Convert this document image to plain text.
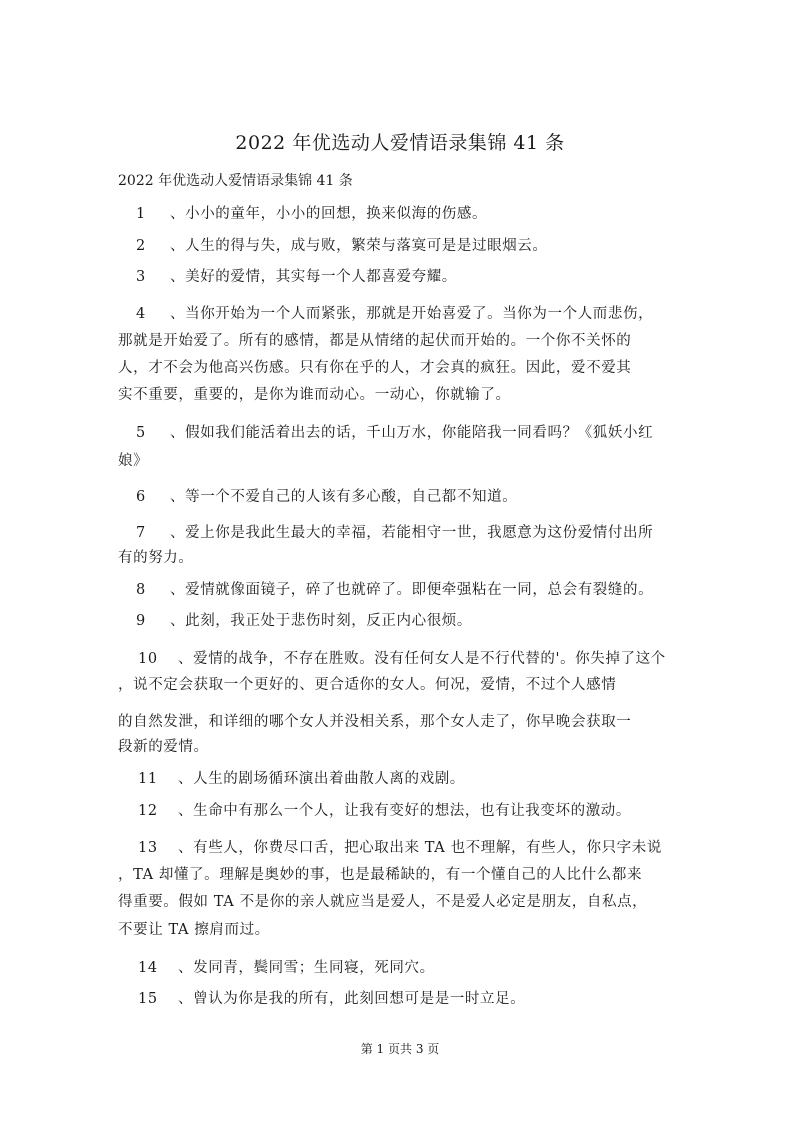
2022 年优选动人爱情语录集锦 41 条
2022 年优选动人爱情语录集锦 41 条
1 、小小的童年，小小的回想，换来似海的伤感。
2 、人生的得与失，成与败，繁荣与落寞可是是过眼烟云。
3 、美好的爱情，其实每一个人都喜爱夸耀。
4 、当你开始为一个人而紧张，那就是开始喜爱了。当你为一个人而悲伤，
那就是开始爱了。所有的感情，都是从情绪的起伏而开始的。一个你不关怀的
人，才不会为他高兴伤感。只有你在乎的人，才会真的疯狂。因此，爱不爱其
实不重要，重要的，是你为谁而动心。一动心，你就输了。
5 、假如我们能活着出去的话，千山万水，你能陪我一同看吗？《狐妖小红
娘》
6 、等一个不爱自己的人该有多心酸，自己都不知道。
7 、爱上你是我此生最大的幸福，若能相守一世，我愿意为这份爱情付出所
有的努力。
8 、爱情就像面镜子，碎了也就碎了。即便牵强粘在一同，总会有裂缝的。
9 、此刻，我正处于悲伤时刻，反正内心很烦。
10 、爱情的战争，不存在胜败。没有任何女人是不行代替的'。你失掉了这个
，说不定会获取一个更好的、更合适你的女人。何况，爱情，不过个人感情
的自然发泄，和详细的哪个女人并没相关系，那个女人走了，你早晚会获取一
段新的爱情。
11 、人生的剧场循环演出着曲散人离的戏剧。
12 、生命中有那么一个人，让我有变好的想法，也有让我变坏的激动。
13 、有些人，你费尽口舌，把心取出来 TA 也不理解，有些人，你只字未说
，TA 却懂了。理解是奥妙的事，也是最稀缺的，有一个懂自己的人比什么都来
得重要。假如 TA 不是你的亲人就应当是爱人，不是爱人必定是朋友，自私点，
不要让 TA 擦肩而过。
14 、发同青，鬓同雪；生同寝，死同穴。
15 、曾认为你是我的所有，此刻回想可是是一时立足。
第 1 页共 3 页
